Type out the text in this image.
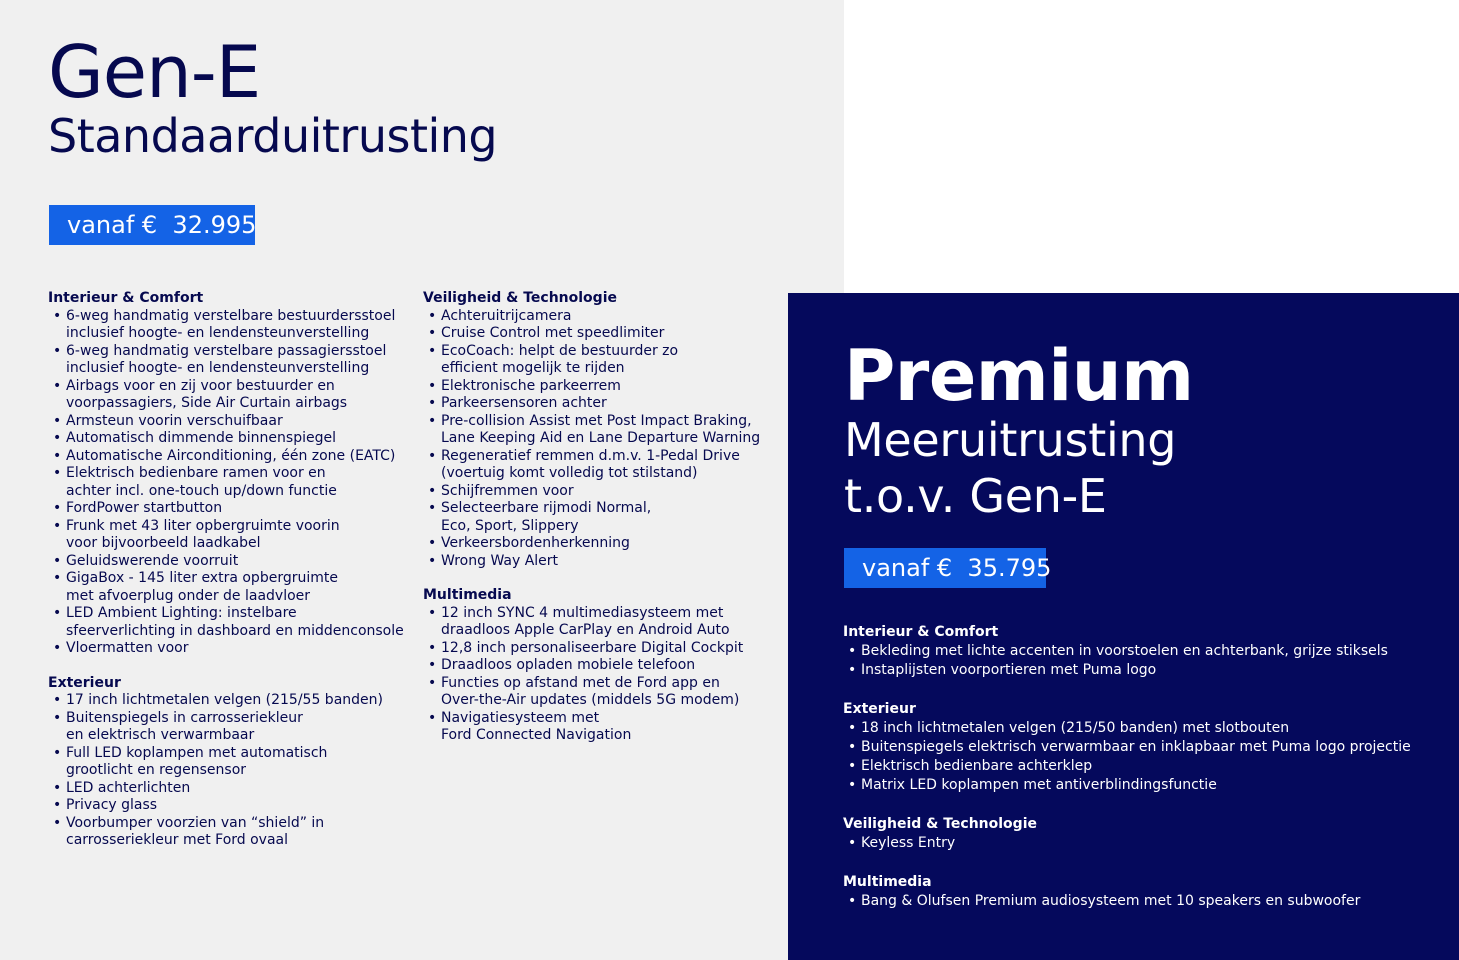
Gen-E
Standaarduitrusting
vanaf €  32.995
Interieur & Comfort
• 6-weg handmatig verstelbare bestuurdersstoel
inclusief hoogte- en lendensteunverstelling
• 6-weg handmatig verstelbare passagiersstoel
inclusief hoogte- en lendensteunverstelling
• Airbags voor en zij voor bestuurder en
voorpassagiers, Side Air Curtain airbags
• Armsteun voorin verschuifbaar
• Automatisch dimmende binnenspiegel
• Automatische Airconditioning, één zone (EATC)
• Elektrisch bedienbare ramen voor en
achter incl. one-touch up/down functie
• FordPower startbutton
• Frunk met 43 liter opbergruimte voorin
voor bijvoorbeeld laadkabel
• Geluidswerende voorruit
• GigaBox - 145 liter extra opbergruimte
met afvoerplug onder de laadvloer
• LED Ambient Lighting: instelbare
sfeerverlichting in dashboard en middenconsole
• Vloermatten voor
Exterieur
• 17 inch lichtmetalen velgen (215/55 banden)
• Buitenspiegels in carrosseriekleur
en elektrisch verwarmbaar
• Full LED koplampen met automatisch
grootlicht en regensensor
• LED achterlichten
• Privacy glass
• Voorbumper voorzien van “shield” in
carrosseriekleur met Ford ovaal
Veiligheid & Technologie
• Achteruitrijcamera
• Cruise Control met speedlimiter
• EcoCoach: helpt de bestuurder zo
efficient mogelijk te rijden
• Elektronische parkeerrem
• Parkeersensoren achter
• Pre-collision Assist met Post Impact Braking,
Lane Keeping Aid en Lane Departure Warning
• Regeneratief remmen d.m.v. 1-Pedal Drive
(voertuig komt volledig tot stilstand)
• Schijfremmen voor
• Selecteerbare rijmodi Normal,
Eco, Sport, Slippery
• Verkeersbordenherkenning
• Wrong Way Alert
Multimedia
• 12 inch SYNC 4 multimediasysteem met
draadloos Apple CarPlay en Android Auto
• 12,8 inch personaliseerbare Digital Cockpit
• Draadloos opladen mobiele telefoon
• Functies op afstand met de Ford app en
Over-the-Air updates (middels 5G modem)
• Navigatiesysteem met
Ford Connected Navigation
Premium
Meeruitrusting
t.o.v. Gen-E
vanaf €  35.795
Interieur & Comfort
• Bekleding met lichte accenten in voorstoelen en achterbank, grijze stiksels
• Instaplijsten voorportieren met Puma logo
Exterieur
• 18 inch lichtmetalen velgen (215/50 banden) met slotbouten
• Buitenspiegels elektrisch verwarmbaar en inklapbaar met Puma logo projectie
• Elektrisch bedienbare achterklep
• Matrix LED koplampen met antiverblindingsfunctie
Veiligheid & Technologie
• Keyless Entry
Multimedia
• Bang & Olufsen Premium audiosysteem met 10 speakers en subwoofer
